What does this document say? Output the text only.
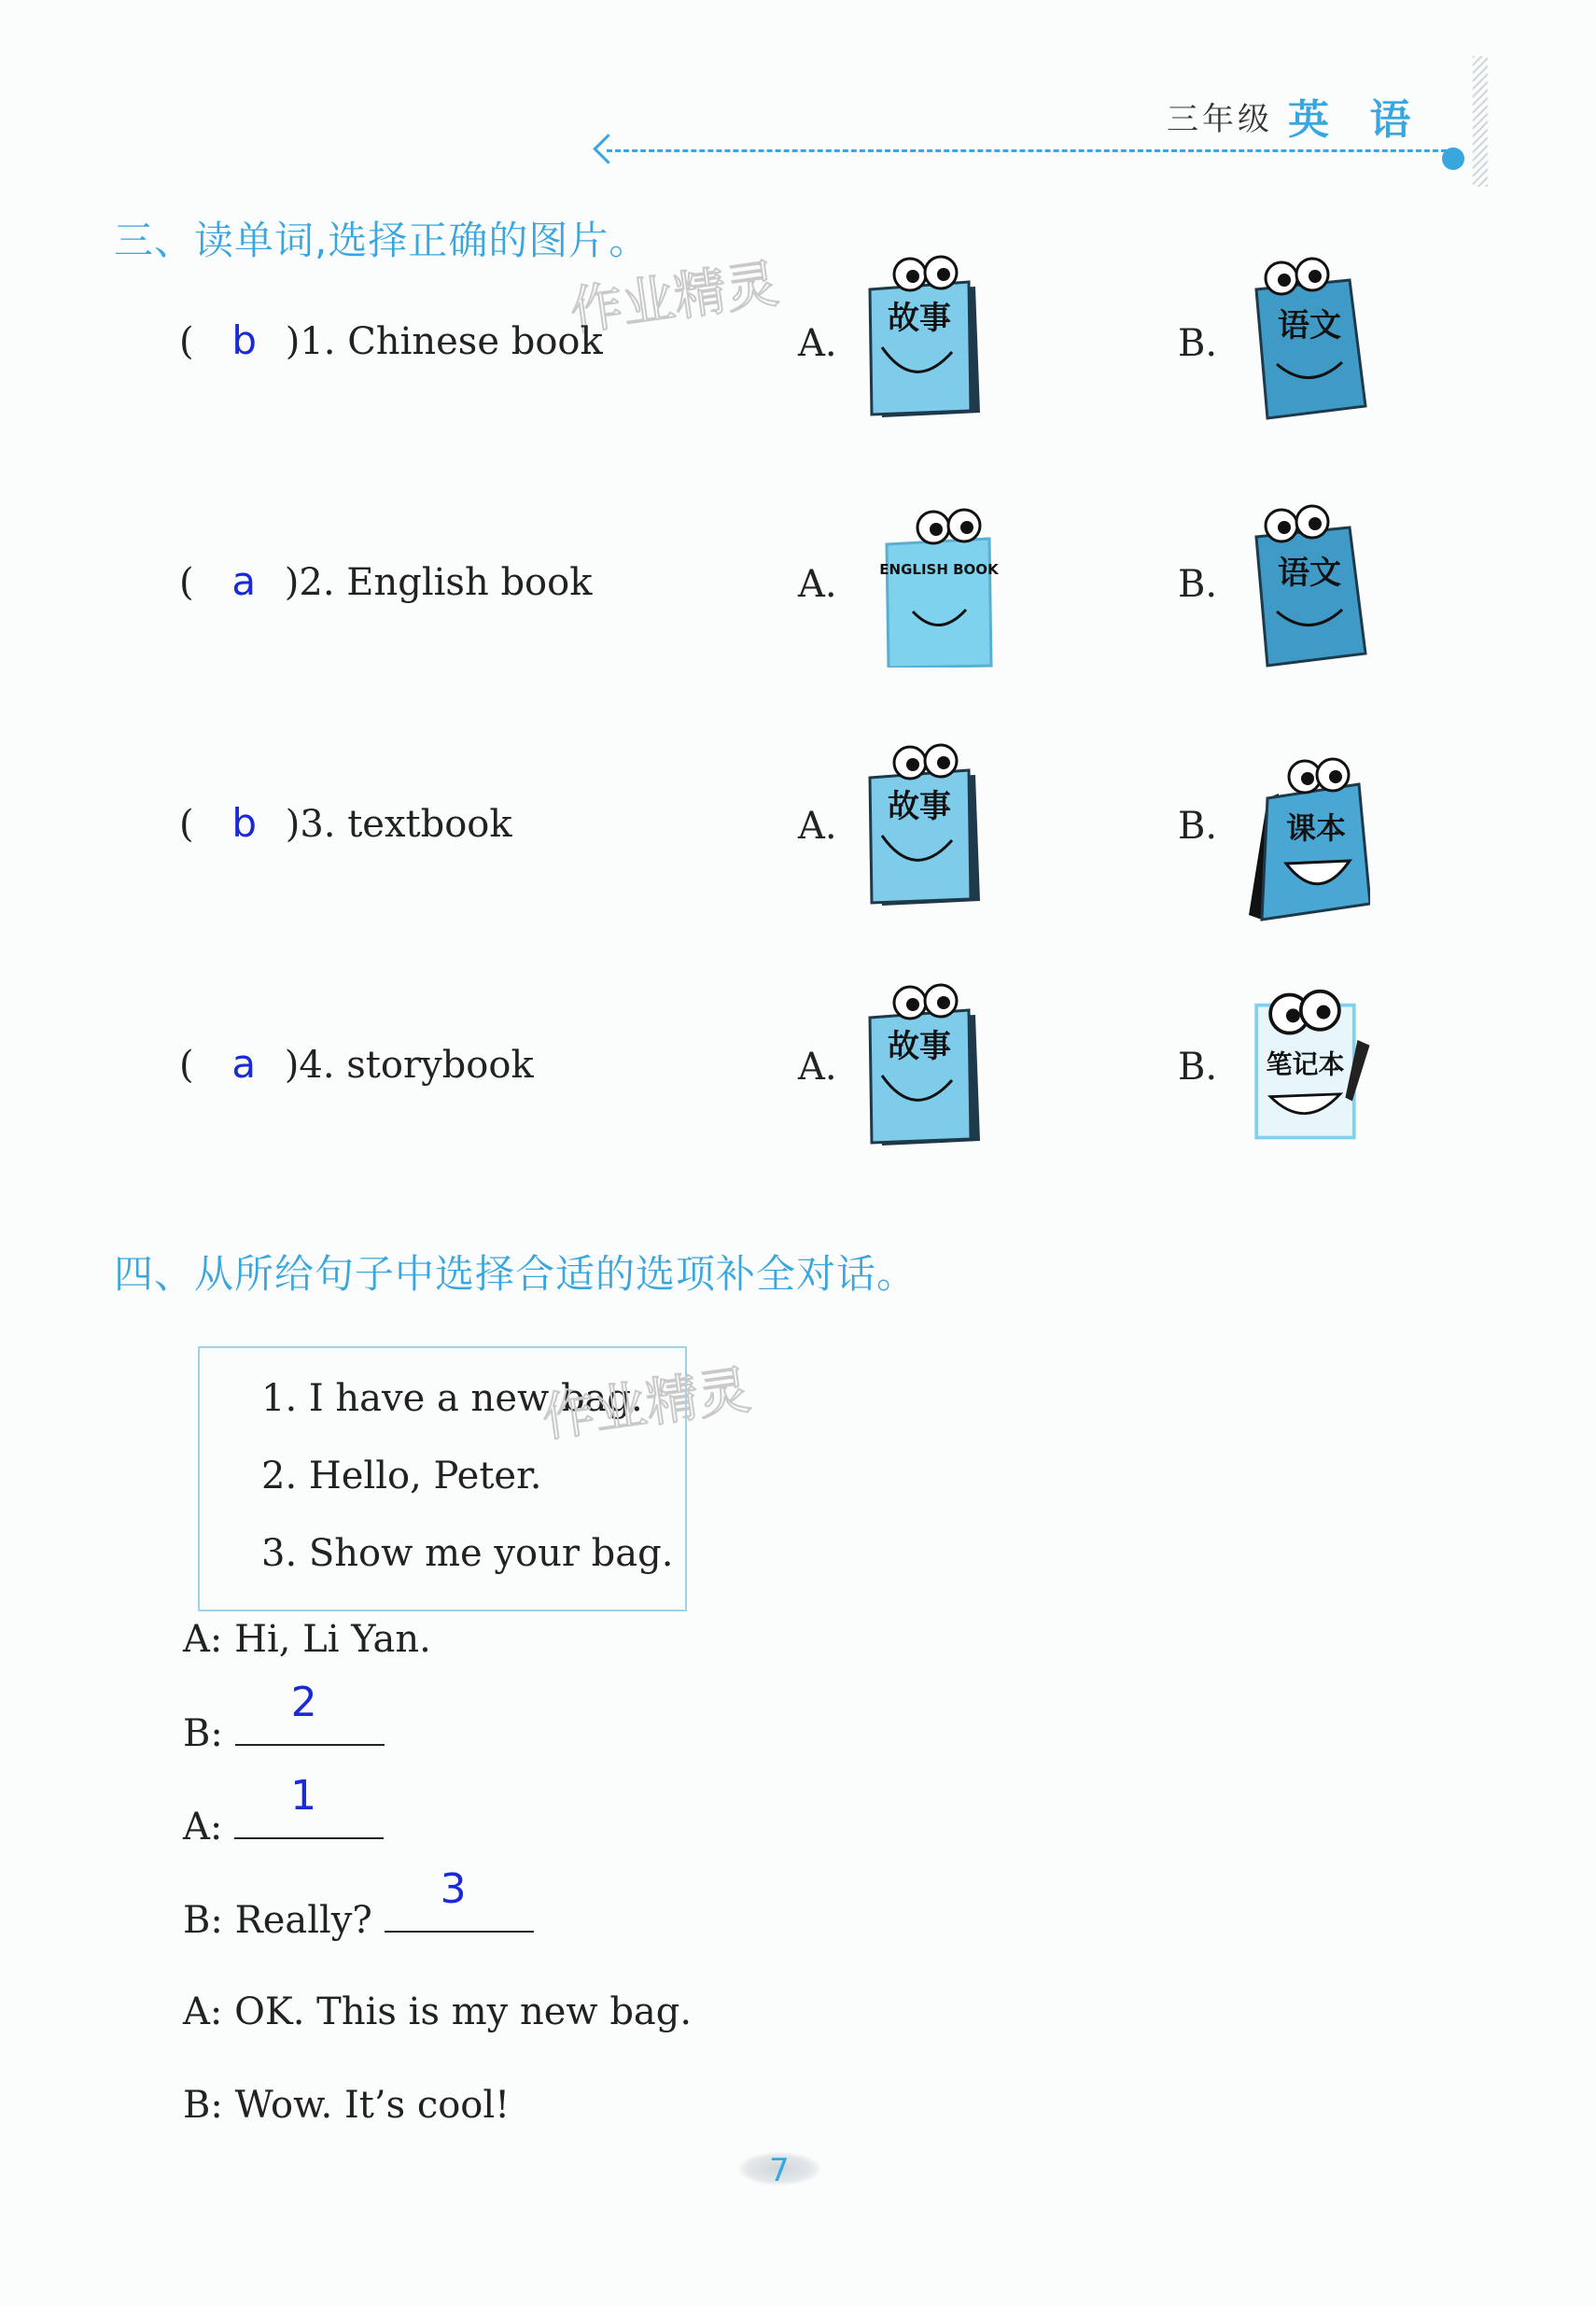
三年级 英 语
三、读单词,选择正确的图片。
作业精灵
( b )1. Chinese book	A.	B.
( a )2. English book	A.	B.
( b )3. textbook	A.	B.
( a )4. storybook	A.	B.
故事	语文
ENGLISH BOOK	语文
故事
课本
故事	笔记本
四、从所给句子中选择合适的选项补全对话。
1. I have a new bag.
2. Hello, Peter.
3. Show me your bag.
作业精灵
A: Hi, Li Yan.
B:
2
A:
1
B: Really?
3
A: OK. This is my new bag.
B: Wow. It’s cool!
7
